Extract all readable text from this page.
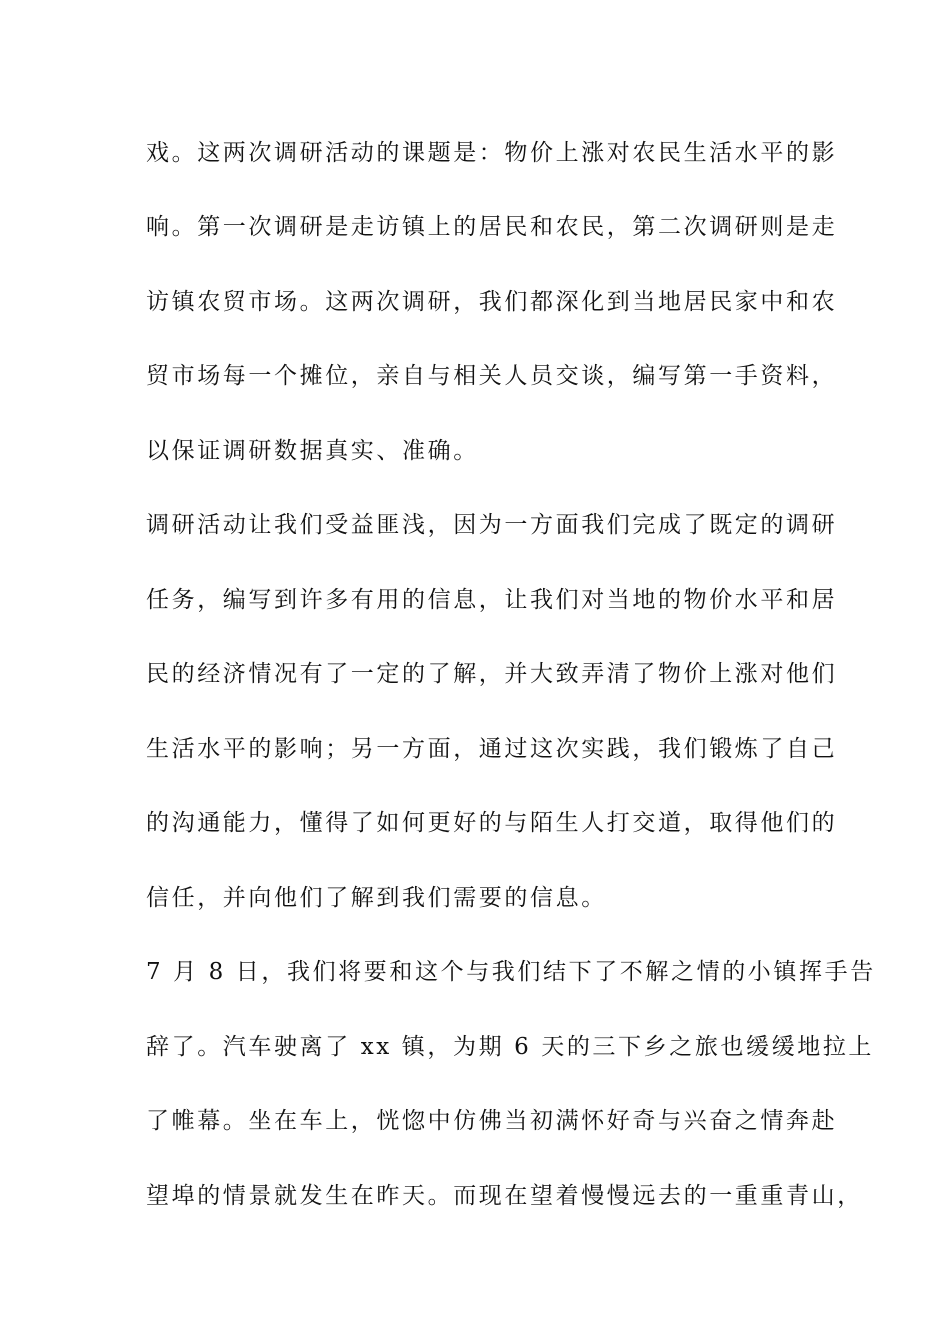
戏。这两次调研活动的课题是：物价上涨对农民生活水平的影
响。第一次调研是走访镇上的居民和农民，第二次调研则是走
访镇农贸市场。这两次调研，我们都深化到当地居民家中和农
贸市场每一个摊位，亲自与相关人员交谈，编写第一手资料，
以保证调研数据真实、准确。
调研活动让我们受益匪浅，因为一方面我们完成了既定的调研
任务，编写到许多有用的信息，让我们对当地的物价水平和居
民的经济情况有了一定的了解，并大致弄清了物价上涨对他们
生活水平的影响；另一方面，通过这次实践，我们锻炼了自己
的沟通能力，懂得了如何更好的与陌生人打交道，取得他们的
信任，并向他们了解到我们需要的信息。
7 月 8 日，我们将要和这个与我们结下了不解之情的小镇挥手告
辞了。汽车驶离了 xx 镇，为期 6 天的三下乡之旅也缓缓地拉上
了帷幕。坐在车上，恍惚中仿佛当初满怀好奇与兴奋之情奔赴
望埠的情景就发生在昨天。而现在望着慢慢远去的一重重青山，
